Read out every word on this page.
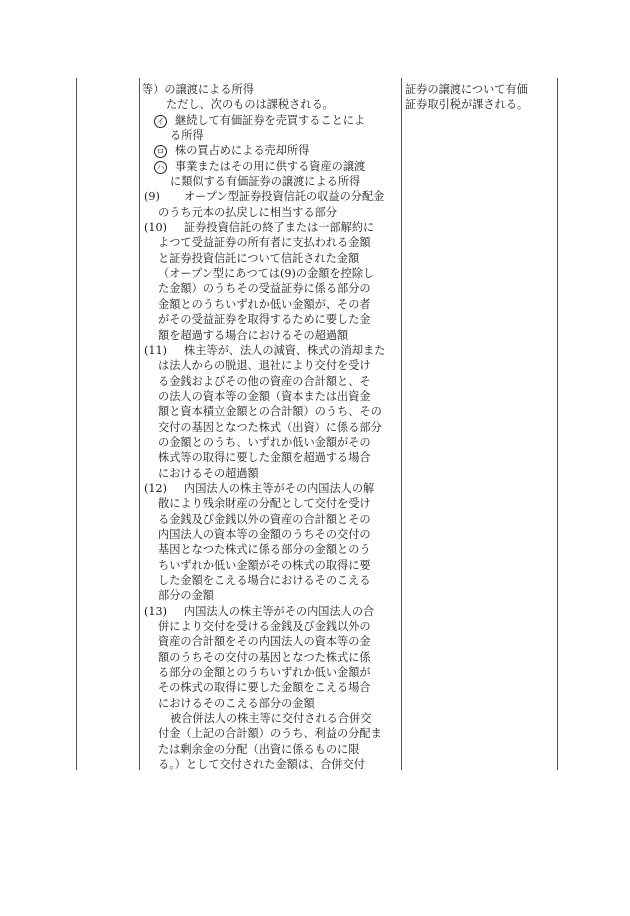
等）の譲渡による所得
ただし、次のものは課税される。
イ 継続して有価証券を売買することによ
る所得
ロ 株の買占めによる売却所得
ハ 事業またはその用に供する資産の譲渡
に類似する有価証券の譲渡による所得
(9) オープン型証券投資信託の収益の分配金
のうち元本の払戻しに相当する部分
(10) 証券投資信託の終了または一部解約に
よつて受益証券の所有者に支払われる金額
と証券投資信託について信託された金額
（オープン型にあつては(9)の金額を控除し
た金額）のうちその受益証券に係る部分の
金額とのうちいずれか低い金額が、その者
がその受益証券を取得するために要した金
額を超過する場合におけるその超過額
(11) 株主等が、法人の減資、株式の消却また
は法人からの脱退、退社により交付を受け
る金銭およびその他の資産の合計額と、そ
の法人の資本等の金額（資本または出資金
額と資本積立金額との合計額）のうち、その
交付の基因となつた株式（出資）に係る部分
の金額とのうち、いずれか低い金額がその
株式等の取得に要した金額を超過する場合
におけるその超過額
(12) 内国法人の株主等がその内国法人の解
散により残余財産の分配として交付を受け
る金銭及び金銭以外の資産の合計額とその
内国法人の資本等の金額のうちその交付の
基因となつた株式に係る部分の金額とのう
ちいずれか低い金額がその株式の取得に要
した金額をこえる場合におけるそのこえる
部分の金額
(13) 内国法人の株主等がその内国法人の合
併により交付を受ける金銭及び金銭以外の
資産の合計額をその内国法人の資本等の金
額のうちその交付の基因となつた株式に係
る部分の金額とのうちいずれか低い金額が
その株式の取得に要した金額をこえる場合
におけるそのこえる部分の金額
被合併法人の株主等に交付される合併交
付金（上記の合計額）のうち、利益の分配ま
たは剰余金の分配（出資に係るものに限
る。）として交付された金額は、合併交付
証券の譲渡について有価
証券取引税が課される。
